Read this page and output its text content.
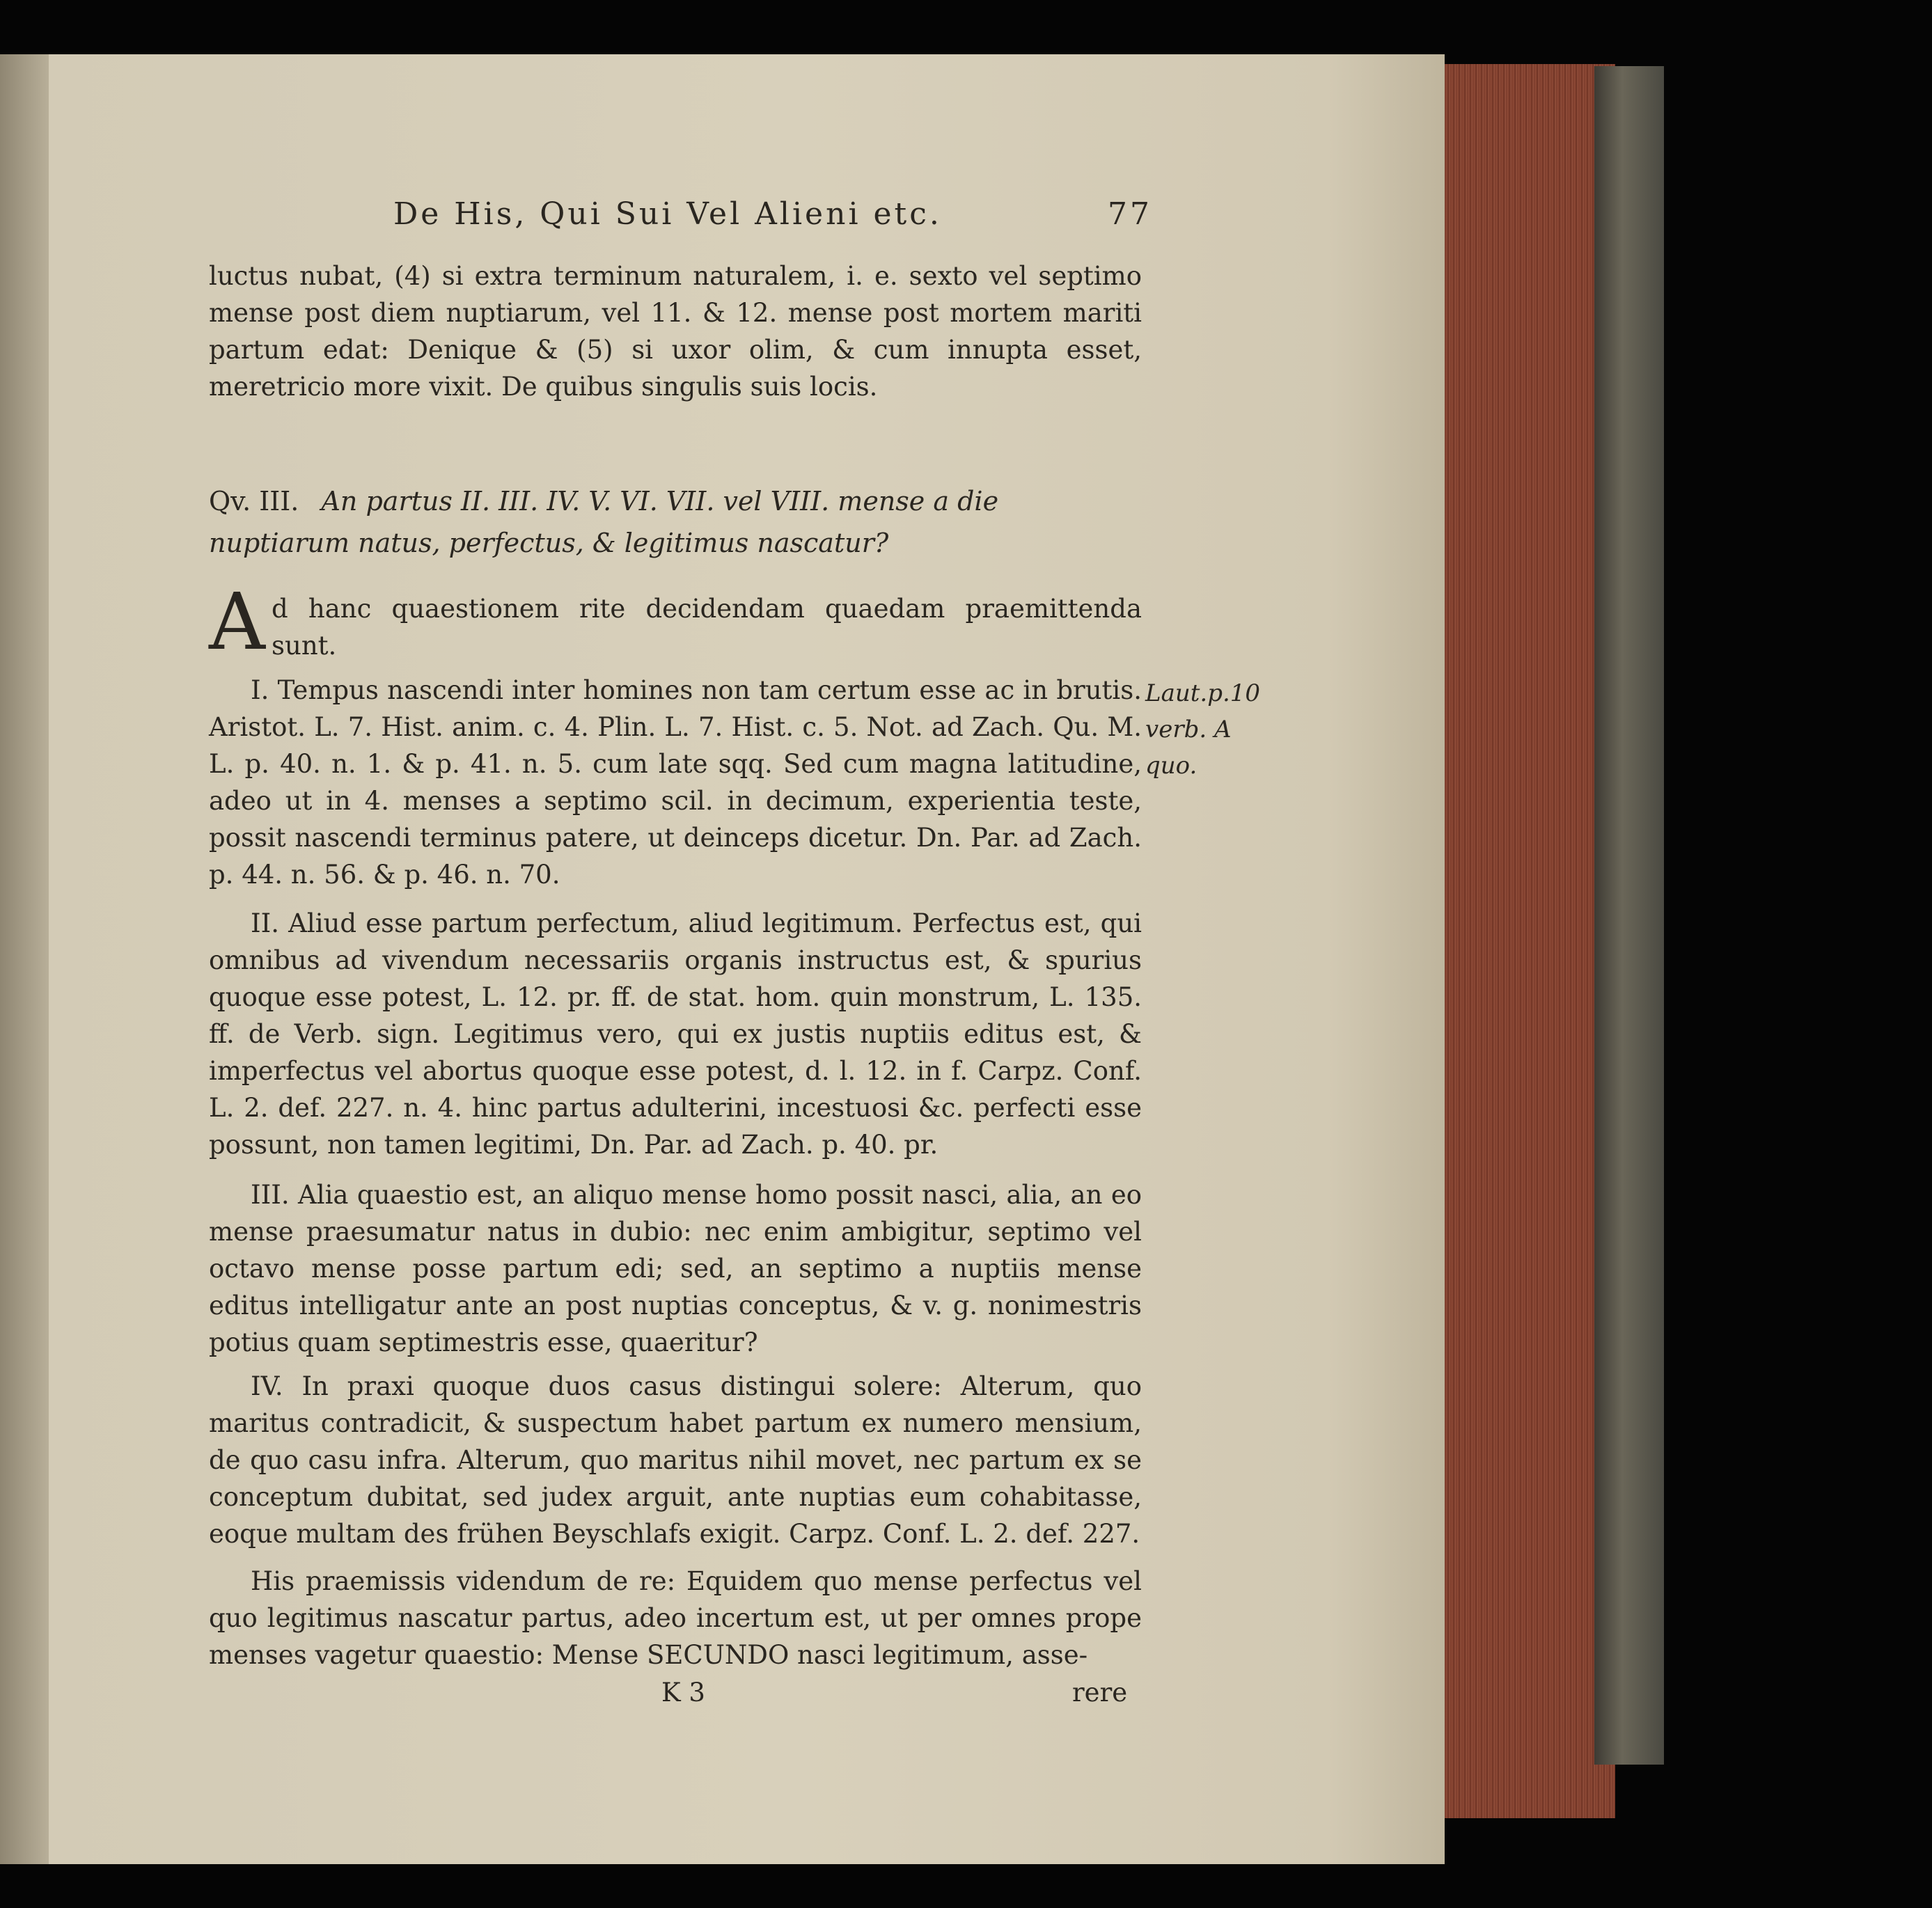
De His, Qui Sui Vel Alieni etc.	77
luctus nubat, (4) si extra terminum naturalem, i. e. sexto vel septimo mense post diem nuptiarum, vel 11. & 12. mense post mortem mariti partum edat: Denique & (5) si uxor olim, & cum innupta esset, meretricio more vixit. De quibus singulis suis locis.
Qv. III. An partus II. III. IV. V. VI. VII. vel VIII. mense a die nuptiarum natus, perfectus, & legitimus nascatur?
A d hanc quaestionem rite decidendam quaedam praemittenda sunt.
Laut.p.10 verb. A quo.
I. Tempus nascendi inter homines non tam certum esse ac in brutis. Aristot. L. 7. Hist. anim. c. 4. Plin. L. 7. Hist. c. 5. Not. ad Zach. Qu. M. L. p. 40. n. 1. & p. 41. n. 5. cum late sqq. Sed cum magna latitudine, adeo ut in 4. menses a septimo scil. in decimum, experientia teste, possit nascendi terminus patere, ut deinceps dicetur. Dn. Par. ad Zach. p. 44. n. 56. & p. 46. n. 70.
II. Aliud esse partum perfectum, aliud legitimum. Perfectus est, qui omnibus ad vivendum necessariis organis instructus est, & spurius quoque esse potest, L. 12. pr. ff. de stat. hom. quin monstrum, L. 135. ff. de Verb. sign. Legitimus vero, qui ex justis nuptiis editus est, & imperfectus vel abortus quoque esse potest, d. l. 12. in f. Carpz. Conf. L. 2. def. 227. n. 4. hinc partus adulterini, incestuosi &c. perfecti esse possunt, non tamen legitimi, Dn. Par. ad Zach. p. 40. pr.
III. Alia quaestio est, an aliquo mense homo possit nasci, alia, an eo mense praesumatur natus in dubio: nec enim ambigitur, septimo vel octavo mense posse partum edi; sed, an septimo a nuptiis mense editus intelligatur ante an post nuptias conceptus, & v. g. nonimestris potius quam septimestris esse, quaeritur?
IV. In praxi quoque duos casus distingui solere: Alterum, quo maritus contradicit, & suspectum habet partum ex numero mensium, de quo casu infra. Alterum, quo maritus nihil movet, nec partum ex se conceptum dubitat, sed judex arguit, ante nuptias eum cohabitasse, eoque multam des frühen Beyschlafs exigit. Carpz. Conf. L. 2. def. 227.
His praemissis videndum de re: Equidem quo mense perfectus vel quo legitimus nascatur partus, adeo incertum est, ut per omnes prope menses vagetur quaestio: Mense SECUNDO nasci legitimum, asse-
K 3	rere
